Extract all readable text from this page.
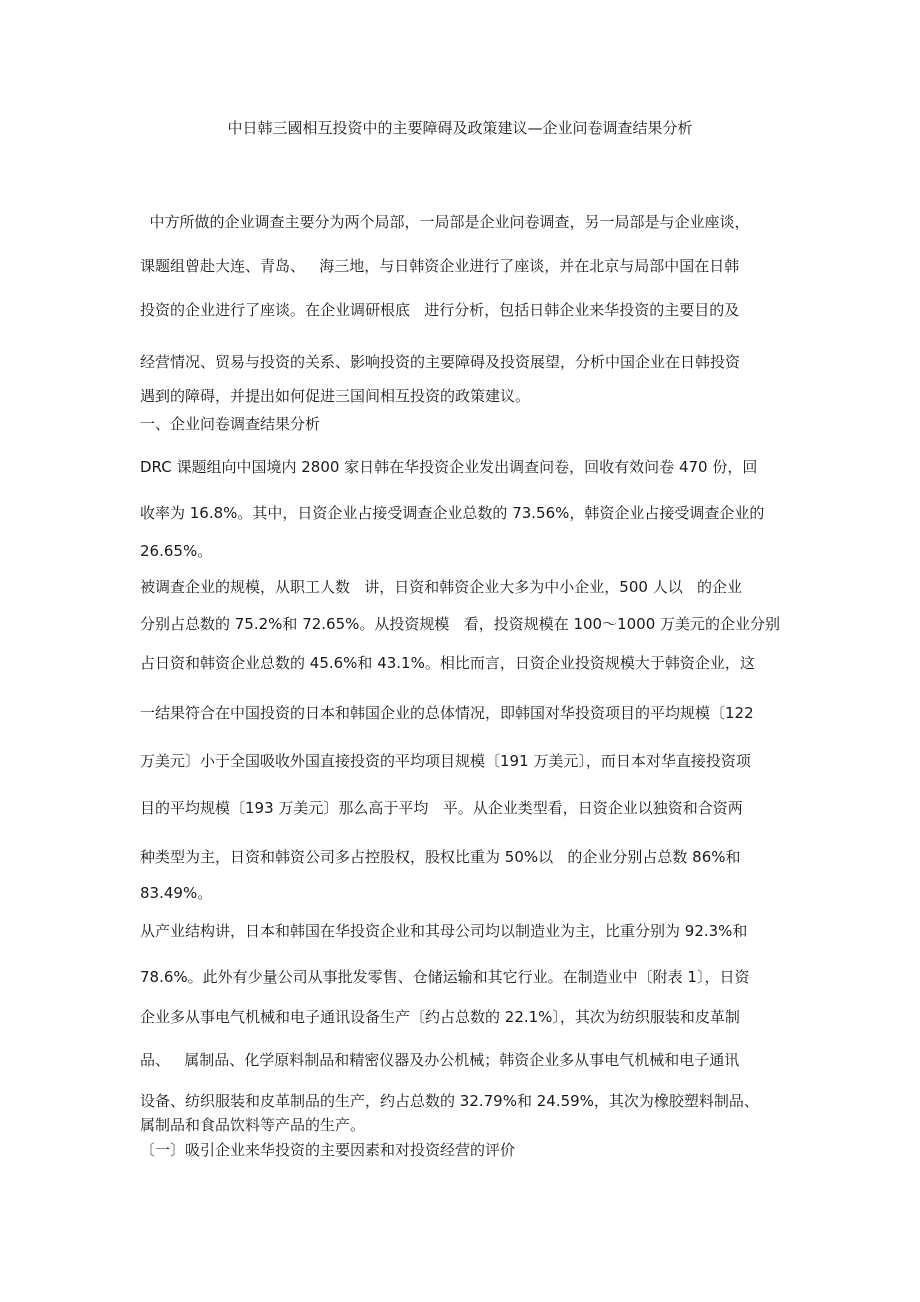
中日韩三國相互投资中的主要障碍及政策建议—企业问卷调查结果分析
中方所做的企业调查主要分为两个局部，一局部是企业问卷调查，另一局部是与企业座谈，
课题组曾赴大连、青岛、   海三地，与⽇韩资企业进行了座谈，并在北京与局部中国在⽇韩
投资的企业进行了座谈。在企业调研根底   进行分析，包括⽇韩企业来华投资的主要目的及
经营情况、贸易与投资的关系、影响投资的主要障碍及投资展望，分析中国企业在⽇韩投资
遇到的障碍，并提出如何促进三国间相互投资的政策建议。
一、企业问卷调查结果分析
DRC 课题组向中国境内 2800 家⽇韩在华投资企业发出调查问卷，回收有效问卷 470 份，回
收率为 16.8%。其中，⽇资企业占接受调查企业总数的 73.56%，韩资企业占接受调查企业的
26.65%。
被调查企业的规模，从职工人数   讲，⽇资和韩资企业大多为中小企业，500 人以   的企业
分别占总数的 75.2%和 72.65%。从投资规模   看，投资规模在 100～1000 万美元的企业分别
占⽇资和韩资企业总数的 45.6%和 43.1%。相比而言，⽇资企业投资规模大于韩资企业，这
一结果符合在中国投资的⽇本和韩国企业的总体情况，即韩国对华投资项目的平均规模〔122
万美元〕小于全国吸收外国直接投资的平均项目规模〔191 万美元〕，而⽇本对华直接投资项
目的平均规模〔193 万美元〕那么高于平均   平。从企业类型看，⽇资企业以独资和合资两
种类型为主，⽇资和韩资公司多占控股权，股权比重为 50%以   的企业分别占总数 86%和
83.49%。
从产业结构讲，⽇本和韩国在华投资企业和其母公司均以制造业为主，比重分别为 92.3%和
78.6%。此外有少量公司从事批发零售、仓储运输和其它行业。在制造业中〔附表 1〕，⽇资
企业多从事电气机械和电子通讯设备生产〔约占总数的 22.1%〕，其次为纺织服装和皮革制
品、   属制品、化学原料制品和精密仪器及办公机械；韩资企业多从事电气机械和电子通讯
设备、纺织服装和皮革制品的生产，约占总数的 32.79%和 24.59%，其次为橡胶塑料制品、
属制品和食品饮料等产品的生产。
〔一〕吸引企业来华投资的主要因素和对投资经营的评价
